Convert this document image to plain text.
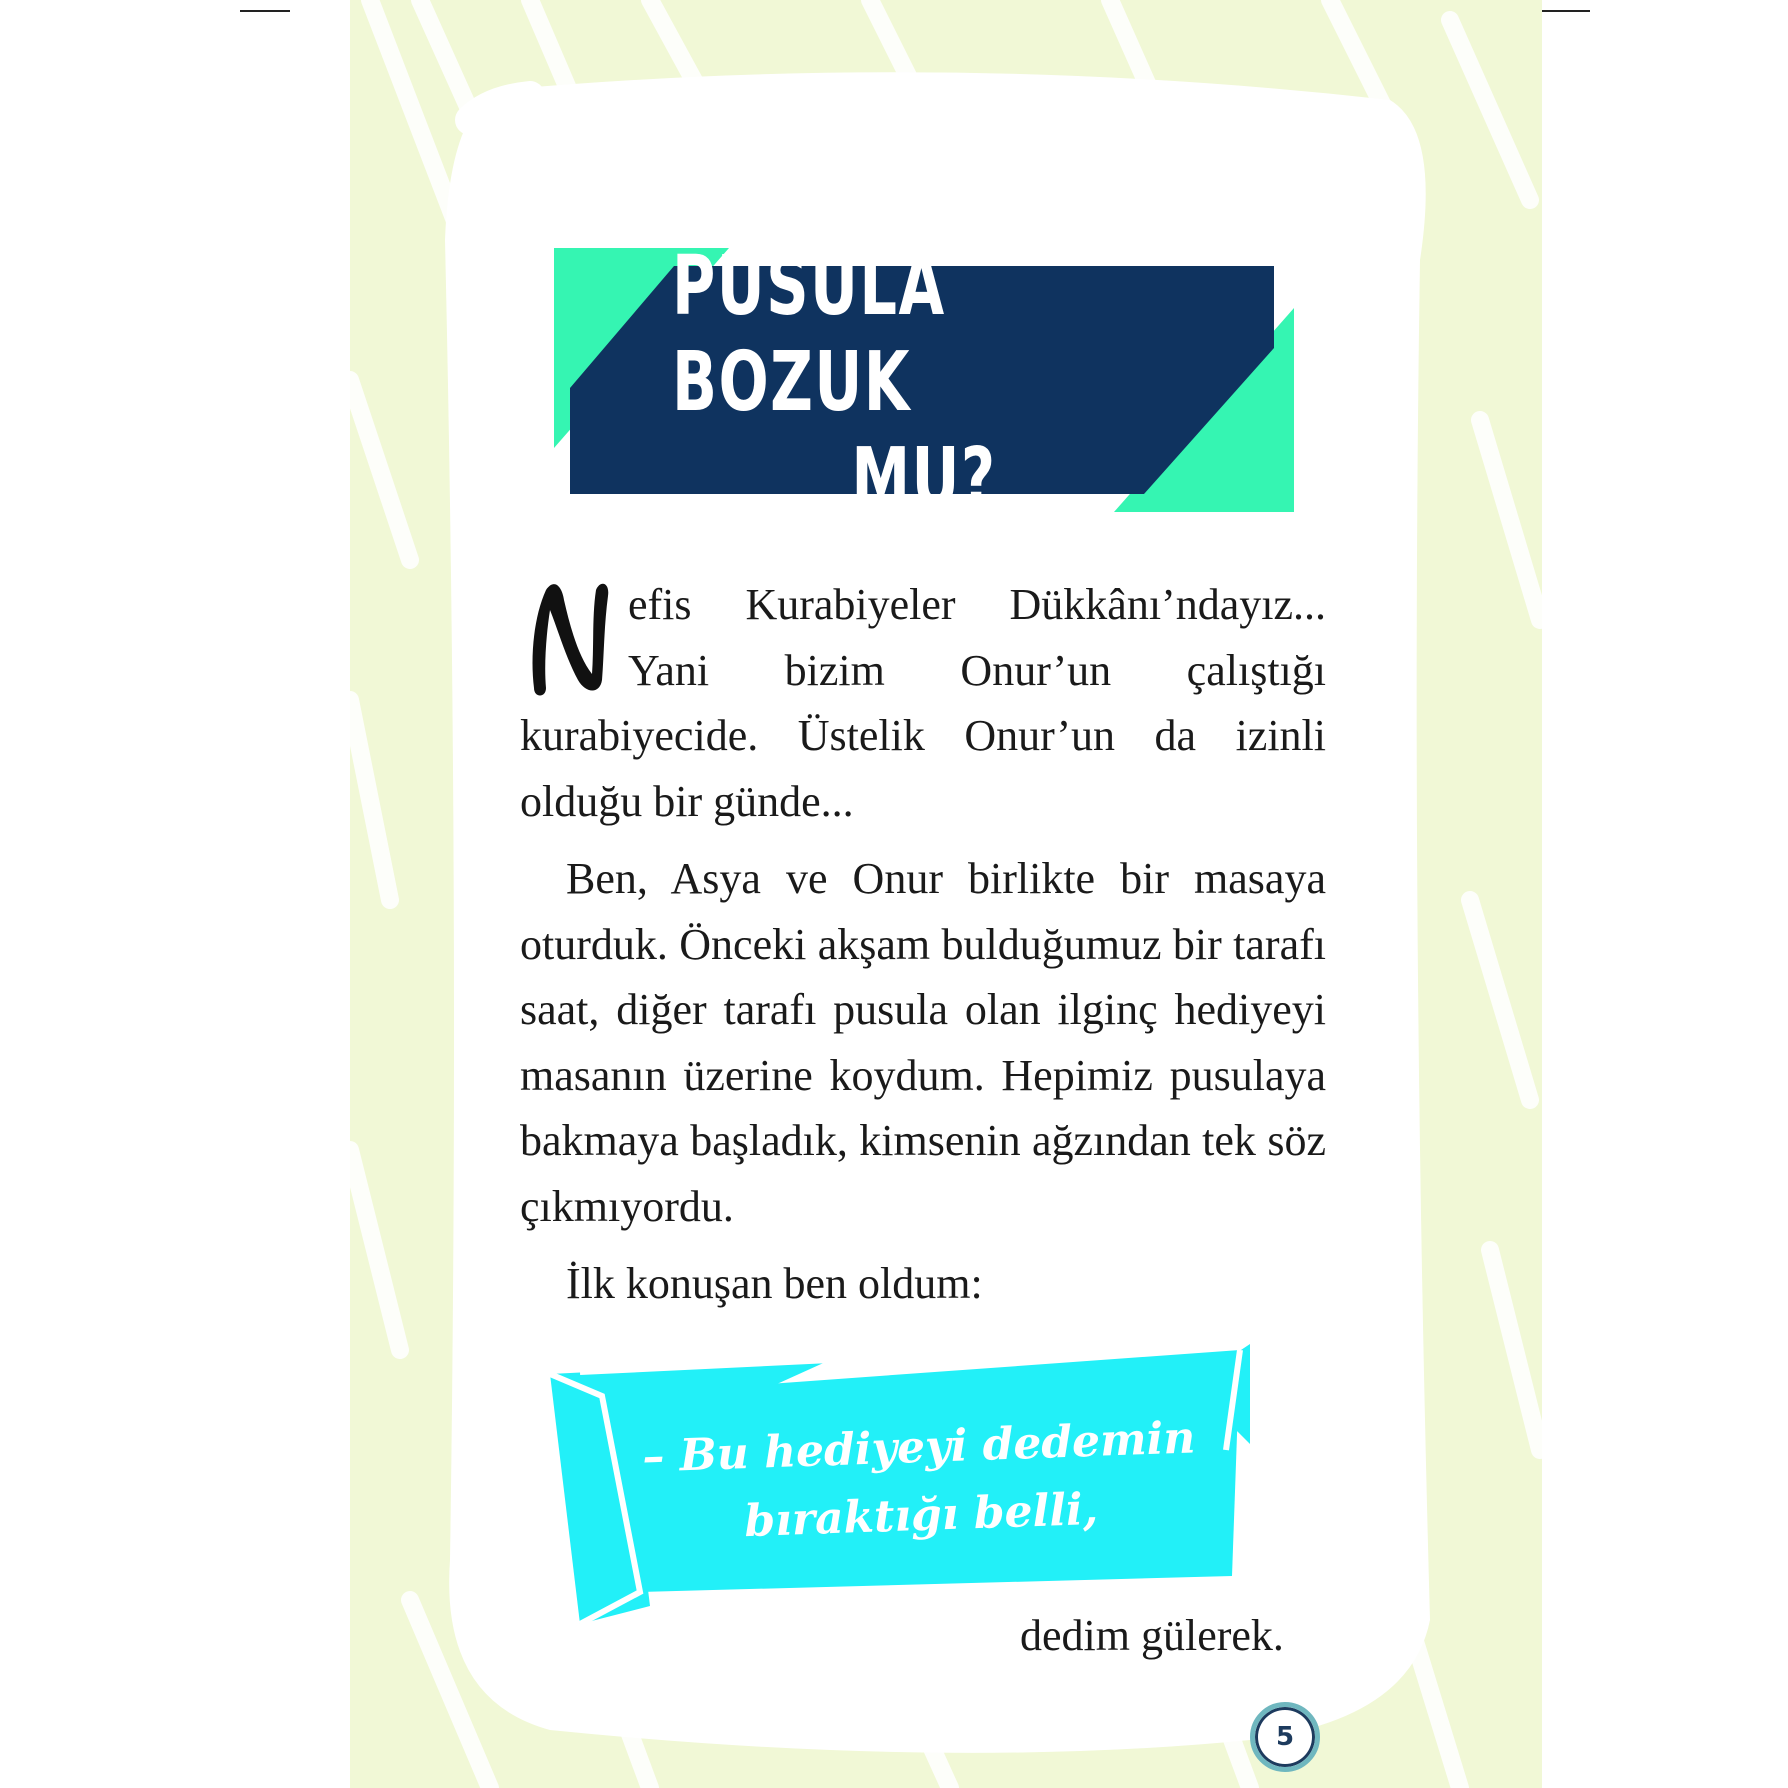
PUSULA BOZUK
MU?

efis Kurabiyeler Dükkânı’ndayız... Yani bizim Onur’un çalıştığı kurabiyecide. Üstelik Onur’un da izinli olduğu bir günde...

Ben, Asya ve Onur birlikte bir masaya oturduk. Önceki akşam bulduğumuz bir tarafı saat, diğer tarafı pusula olan ilginç hediyeyi masanın üzerine koydum. Hepimiz pusulaya bakmaya başladık, kimsenin ağzından tek söz çıkmıyordu.

İlk konuşan ben oldum:

– Bu hediyeyi dedemin
bıraktığı belli,
dedim gülerek.
5
